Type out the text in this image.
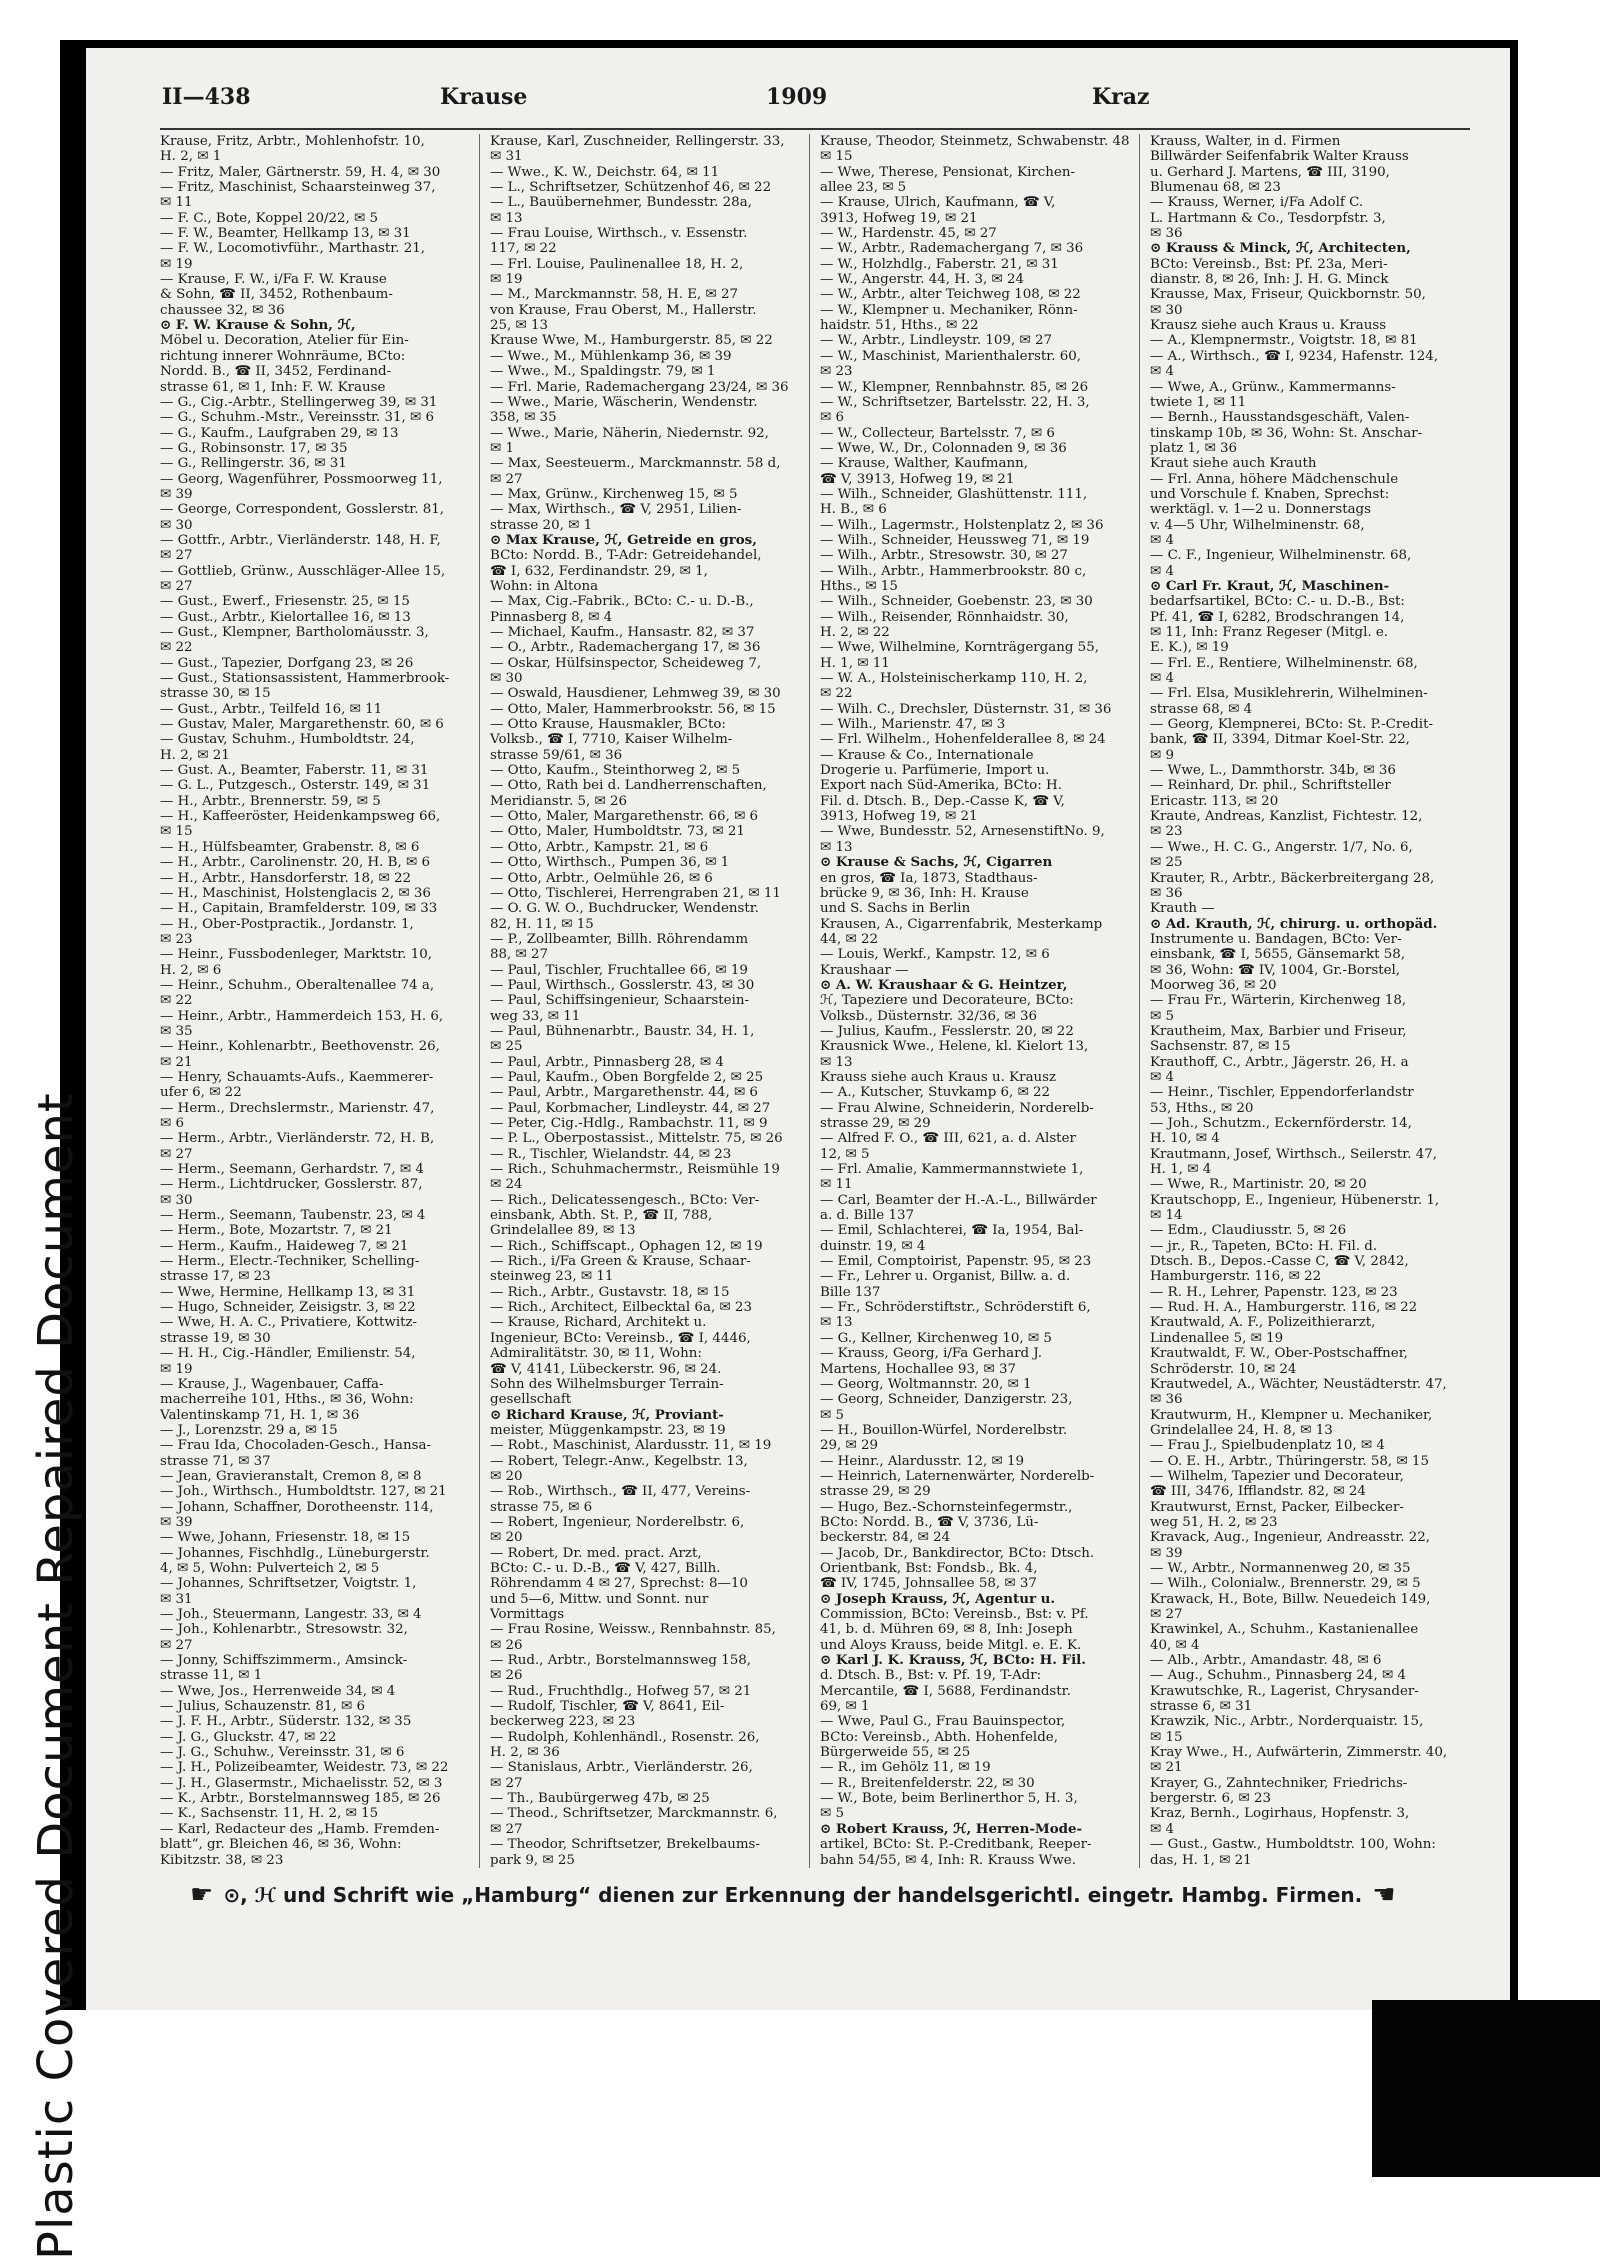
Plastic Covered Document Repaired Document
II—438	Krause	1909	Kraz
Krause, Fritz, Arbtr., Mohlenhofstr. 10,
H. 2, ✉ 1
— Fritz, Maler, Gärtnerstr. 59, H. 4, ✉ 30
— Fritz, Maschinist, Schaarsteinweg 37,
✉ 11
— F. C., Bote, Koppel 20/22, ✉ 5
— F. W., Beamter, Hellkamp 13, ✉ 31
— F. W., Locomotivführ., Marthastr. 21,
✉ 19
— Krause, F. W., i/Fa F. W. Krause
& Sohn, ☎ II, 3452, Rothenbaum-
chaussee 32, ✉ 36
⊙ F. W. Krause & Sohn, ℋ,
Möbel u. Decoration, Atelier für Ein-
richtung innerer Wohnräume, BCto:
Nordd. B., ☎ II, 3452, Ferdinand-
strasse 61, ✉ 1, Inh: F. W. Krause
— G., Cig.-Arbtr., Stellingerweg 39, ✉ 31
— G., Schuhm.-Mstr., Vereinsstr. 31, ✉ 6
— G., Kaufm., Laufgraben 29, ✉ 13
— G., Robinsonstr. 17, ✉ 35
— G., Rellingerstr. 36, ✉ 31
— Georg, Wagenführer, Possmoorweg 11,
✉ 39
— George, Correspondent, Gosslerstr. 81,
✉ 30
— Gottfr., Arbtr., Vierländerstr. 148, H. F,
✉ 27
— Gottlieb, Grünw., Ausschläger-Allee 15,
✉ 27
— Gust., Ewerf., Friesenstr. 25, ✉ 15
— Gust., Arbtr., Kielortallee 16, ✉ 13
— Gust., Klempner, Bartholomäusstr. 3,
✉ 22
— Gust., Tapezier, Dorfgang 23, ✉ 26
— Gust., Stationsassistent, Hammerbrook-
strasse 30, ✉ 15
— Gust., Arbtr., Teilfeld 16, ✉ 11
— Gustav, Maler, Margarethenstr. 60, ✉ 6
— Gustav, Schuhm., Humboldtstr. 24,
H. 2, ✉ 21
— Gust. A., Beamter, Faberstr. 11, ✉ 31
— G. L., Putzgesch., Osterstr. 149, ✉ 31
— H., Arbtr., Brennerstr. 59, ✉ 5
— H., Kaffeeröster, Heidenkampsweg 66,
✉ 15
— H., Hülfsbeamter, Grabenstr. 8, ✉ 6
— H., Arbtr., Carolinenstr. 20, H. B, ✉ 6
— H., Arbtr., Hansdorferstr. 18, ✉ 22
— H., Maschinist, Holstenglacis 2, ✉ 36
— H., Capitain, Bramfelderstr. 109, ✉ 33
— H., Ober-Postpractik., Jordanstr. 1,
✉ 23
— Heinr., Fussbodenleger, Marktstr. 10,
H. 2, ✉ 6
— Heinr., Schuhm., Oberaltenallee 74 a,
✉ 22
— Heinr., Arbtr., Hammerdeich 153, H. 6,
✉ 35
— Heinr., Kohlenarbtr., Beethovenstr. 26,
✉ 21
— Henry, Schauamts-Aufs., Kaemmerer-
ufer 6, ✉ 22
— Herm., Drechslermstr., Marienstr. 47,
✉ 6
— Herm., Arbtr., Vierländerstr. 72, H. B,
✉ 27
— Herm., Seemann, Gerhardstr. 7, ✉ 4
— Herm., Lichtdrucker, Gosslerstr. 87,
✉ 30
— Herm., Seemann, Taubenstr. 23, ✉ 4
— Herm., Bote, Mozartstr. 7, ✉ 21
— Herm., Kaufm., Haideweg 7, ✉ 21
— Herm., Electr.-Techniker, Schelling-
strasse 17, ✉ 23
— Wwe, Hermine, Hellkamp 13, ✉ 31
— Hugo, Schneider, Zeisigstr. 3, ✉ 22
— Wwe, H. A. C., Privatiere, Kottwitz-
strasse 19, ✉ 30
— H. H., Cig.-Händler, Emilienstr. 54,
✉ 19
— Krause, J., Wagenbauer, Caffa-
macherreihe 101, Hths., ✉ 36, Wohn:
Valentinskamp 71, H. 1, ✉ 36
— J., Lorenzstr. 29 a, ✉ 15
— Frau Ida, Chocoladen-Gesch., Hansa-
strasse 71, ✉ 37
— Jean, Gravieranstalt, Cremon 8, ✉ 8
— Joh., Wirthsch., Humboldtstr. 127, ✉ 21
— Johann, Schaffner, Dorotheenstr. 114,
✉ 39
— Wwe, Johann, Friesenstr. 18, ✉ 15
— Johannes, Fischhdlg., Lüneburgerstr.
4, ✉ 5, Wohn: Pulverteich 2, ✉ 5
— Johannes, Schriftsetzer, Voigtstr. 1,
✉ 31
— Joh., Steuermann, Langestr. 33, ✉ 4
— Joh., Kohlenarbtr., Stresowstr. 32,
✉ 27
— Jonny, Schiffszimmerm., Amsinck-
strasse 11, ✉ 1
— Wwe, Jos., Herrenweide 34, ✉ 4
— Julius, Schauzenstr. 81, ✉ 6
— J. F. H., Arbtr., Süderstr. 132, ✉ 35
— J. G., Gluckstr. 47, ✉ 22
— J. G., Schuhw., Vereinsstr. 31, ✉ 6
— J. H., Polizeibeamter, Weidestr. 73, ✉ 22
— J. H., Glasermstr., Michaelisstr. 52, ✉ 3
— K., Arbtr., Borstelmannsweg 185, ✉ 26
— K., Sachsenstr. 11, H. 2, ✉ 15
— Karl, Redacteur des „Hamb. Fremden-
blatt“, gr. Bleichen 46, ✉ 36, Wohn:
Kibitzstr. 38, ✉ 23
Krause, Karl, Zuschneider, Rellingerstr. 33,
✉ 31
— Wwe., K. W., Deichstr. 64, ✉ 11
— L., Schriftsetzer, Schützenhof 46, ✉ 22
— L., Bauübernehmer, Bundesstr. 28a,
✉ 13
— Frau Louise, Wirthsch., v. Essenstr.
117, ✉ 22
— Frl. Louise, Paulinenallee 18, H. 2,
✉ 19
— M., Marckmannstr. 58, H. E, ✉ 27
von Krause, Frau Oberst, M., Hallerstr.
25, ✉ 13
Krause Wwe, M., Hamburgerstr. 85, ✉ 22
— Wwe., M., Mühlenkamp 36, ✉ 39
— Wwe., M., Spaldingstr. 79, ✉ 1
— Frl. Marie, Rademachergang 23/24, ✉ 36
— Wwe., Marie, Wäscherin, Wendenstr.
358, ✉ 35
— Wwe., Marie, Näherin, Niedernstr. 92,
✉ 1
— Max, Seesteuerm., Marckmannstr. 58 d,
✉ 27
— Max, Grünw., Kirchenweg 15, ✉ 5
— Max, Wirthsch., ☎ V, 2951, Lilien-
strasse 20, ✉ 1
⊙ Max Krause, ℋ, Getreide en gros,
BCto: Nordd. B., T-Adr: Getreidehandel,
☎ I, 632, Ferdinandstr. 29, ✉ 1,
Wohn: in Altona
— Max, Cig.-Fabrik., BCto: C.- u. D.-B.,
Pinnasberg 8, ✉ 4
— Michael, Kaufm., Hansastr. 82, ✉ 37
— O., Arbtr., Rademachergang 17, ✉ 36
— Oskar, Hülfsinspector, Scheideweg 7,
✉ 30
— Oswald, Hausdiener, Lehmweg 39, ✉ 30
— Otto, Maler, Hammerbrookstr. 56, ✉ 15
— Otto Krause, Hausmakler, BCto:
Volksb., ☎ I, 7710, Kaiser Wilhelm-
strasse 59/61, ✉ 36
— Otto, Kaufm., Steinthorweg 2, ✉ 5
— Otto, Rath bei d. Landherrenschaften,
Meridianstr. 5, ✉ 26
— Otto, Maler, Margarethenstr. 66, ✉ 6
— Otto, Maler, Humboldtstr. 73, ✉ 21
— Otto, Arbtr., Kampstr. 21, ✉ 6
— Otto, Wirthsch., Pumpen 36, ✉ 1
— Otto, Arbtr., Oelmühle 26, ✉ 6
— Otto, Tischlerei, Herrengraben 21, ✉ 11
— O. G. W. O., Buchdrucker, Wendenstr.
82, H. 11, ✉ 15
— P., Zollbeamter, Billh. Röhrendamm
88, ✉ 27
— Paul, Tischler, Fruchtallee 66, ✉ 19
— Paul, Wirthsch., Gosslerstr. 43, ✉ 30
— Paul, Schiffsingenieur, Schaarstein-
weg 33, ✉ 11
— Paul, Bühnenarbtr., Baustr. 34, H. 1,
✉ 25
— Paul, Arbtr., Pinnasberg 28, ✉ 4
— Paul, Kaufm., Oben Borgfelde 2, ✉ 25
— Paul, Arbtr., Margarethenstr. 44, ✉ 6
— Paul, Korbmacher, Lindleystr. 44, ✉ 27
— Peter, Cig.-Hdlg., Rambachstr. 11, ✉ 9
— P. L., Oberpostassist., Mittelstr. 75, ✉ 26
— R., Tischler, Wielandstr. 44, ✉ 23
— Rich., Schuhmachermstr., Reismühle 19
✉ 24
— Rich., Delicatessengesch., BCto: Ver-
einsbank, Abth. St. P., ☎ II, 788,
Grindelallee 89, ✉ 13
— Rich., Schiffscapt., Ophagen 12, ✉ 19
— Rich., i/Fa Green & Krause, Schaar-
steinweg 23, ✉ 11
— Rich., Arbtr., Gustavstr. 18, ✉ 15
— Rich., Architect, Eilbecktal 6a, ✉ 23
— Krause, Richard, Architekt u.
Ingenieur, BCto: Vereinsb., ☎ I, 4446,
Admiralitätstr. 30, ✉ 11, Wohn:
☎ V, 4141, Lübeckerstr. 96, ✉ 24.
Sohn des Wilhelmsburger Terrain-
gesellschaft
⊙ Richard Krause, ℋ, Proviant-
meister, Müggenkampstr. 23, ✉ 19
— Robt., Maschinist, Alardusstr. 11, ✉ 19
— Robert, Telegr.-Anw., Kegelbstr. 13,
✉ 20
— Rob., Wirthsch., ☎ II, 477, Vereins-
strasse 75, ✉ 6
— Robert, Ingenieur, Norderelbstr. 6,
✉ 20
— Robert, Dr. med. pract. Arzt,
BCto: C.- u. D.-B., ☎ V, 427, Billh.
Röhrendamm 4 ✉ 27, Sprechst: 8—10
und 5—6, Mittw. und Sonnt. nur
Vormittags
— Frau Rosine, Weissw., Rennbahnstr. 85,
✉ 26
— Rud., Arbtr., Borstelmannsweg 158,
✉ 26
— Rud., Fruchthdlg., Hofweg 57, ✉ 21
— Rudolf, Tischler, ☎ V, 8641, Eil-
beckerweg 223, ✉ 23
— Rudolph, Kohlenhändl., Rosenstr. 26,
H. 2, ✉ 36
— Stanislaus, Arbtr., Vierländerstr. 26,
✉ 27
— Th., Baubürgerweg 47b, ✉ 25
— Theod., Schriftsetzer, Marckmannstr. 6,
✉ 27
— Theodor, Schriftsetzer, Brekelbaums-
park 9, ✉ 25
Krause, Theodor, Steinmetz, Schwabenstr. 48
✉ 15
— Wwe, Therese, Pensionat, Kirchen-
allee 23, ✉ 5
— Krause, Ulrich, Kaufmann, ☎ V,
3913, Hofweg 19, ✉ 21
— W., Hardenstr. 45, ✉ 27
— W., Arbtr., Rademachergang 7, ✉ 36
— W., Holzhdlg., Faberstr. 21, ✉ 31
— W., Angerstr. 44, H. 3, ✉ 24
— W., Arbtr., alter Teichweg 108, ✉ 22
— W., Klempner u. Mechaniker, Rönn-
haidstr. 51, Hths., ✉ 22
— W., Arbtr., Lindleystr. 109, ✉ 27
— W., Maschinist, Marienthalerstr. 60,
✉ 23
— W., Klempner, Rennbahnstr. 85, ✉ 26
— W., Schriftsetzer, Bartelsstr. 22, H. 3,
✉ 6
— W., Collecteur, Bartelsstr. 7, ✉ 6
— Wwe, W., Dr., Colonnaden 9, ✉ 36
— Krause, Walther, Kaufmann,
☎ V, 3913, Hofweg 19, ✉ 21
— Wilh., Schneider, Glashüttenstr. 111,
H. B., ✉ 6
— Wilh., Lagermstr., Holstenplatz 2, ✉ 36
— Wilh., Schneider, Heussweg 71, ✉ 19
— Wilh., Arbtr., Stresowstr. 30, ✉ 27
— Wilh., Arbtr., Hammerbrookstr. 80 c,
Hths., ✉ 15
— Wilh., Schneider, Goebenstr. 23, ✉ 30
— Wilh., Reisender, Rönnhaidstr. 30,
H. 2, ✉ 22
— Wwe, Wilhelmine, Kornträgergang 55,
H. 1, ✉ 11
— W. A., Holsteinischerkamp 110, H. 2,
✉ 22
— Wilh. C., Drechsler, Düsternstr. 31, ✉ 36
— Wilh., Marienstr. 47, ✉ 3
— Frl. Wilhelm., Hohenfelderallee 8, ✉ 24
— Krause & Co., Internationale
Drogerie u. Parfümerie, Import u.
Export nach Süd-Amerika, BCto: H.
Fil. d. Dtsch. B., Dep.-Casse K, ☎ V,
3913, Hofweg 19, ✉ 21
— Wwe, Bundesstr. 52, ArnesenstiftNo. 9,
✉ 13
⊙ Krause & Sachs, ℋ, Cigarren
en gros, ☎ Ia, 1873, Stadthaus-
brücke 9, ✉ 36, Inh: H. Krause
und S. Sachs in Berlin
Krausen, A., Cigarrenfabrik, Mesterkamp
44, ✉ 22
— Louis, Werkf., Kampstr. 12, ✉ 6
Kraushaar —
⊙ A. W. Kraushaar & G. Heintzer,
ℋ, Tapeziere und Decorateure, BCto:
Volksb., Düsternstr. 32/36, ✉ 36
— Julius, Kaufm., Fesslerstr. 20, ✉ 22
Krausnick Wwe., Helene, kl. Kielort 13,
✉ 13
Krauss siehe auch Kraus u. Krausz
— A., Kutscher, Stuvkamp 6, ✉ 22
— Frau Alwine, Schneiderin, Norderelb-
strasse 29, ✉ 29
— Alfred F. O., ☎ III, 621, a. d. Alster
12, ✉ 5
— Frl. Amalie, Kammermannstwiete 1,
✉ 11
— Carl, Beamter der H.-A.-L., Billwärder
a. d. Bille 137
— Emil, Schlachterei, ☎ Ia, 1954, Bal-
duinstr. 19, ✉ 4
— Emil, Comptoirist, Papenstr. 95, ✉ 23
— Fr., Lehrer u. Organist, Billw. a. d.
Bille 137
— Fr., Schröderstiftstr., Schröderstift 6,
✉ 13
— G., Kellner, Kirchenweg 10, ✉ 5
— Krauss, Georg, i/Fa Gerhard J.
Martens, Hochallee 93, ✉ 37
— Georg, Woltmannstr. 20, ✉ 1
— Georg, Schneider, Danzigerstr. 23,
✉ 5
— H., Bouillon-Würfel, Norderelbstr.
29, ✉ 29
— Heinr., Alardusstr. 12, ✉ 19
— Heinrich, Laternenwärter, Norderelb-
strasse 29, ✉ 29
— Hugo, Bez.-Schornsteinfegermstr.,
BCto: Nordd. B., ☎ V, 3736, Lü-
beckerstr. 84, ✉ 24
— Jacob, Dr., Bankdirector, BCto: Dtsch.
Orientbank, Bst: Fondsb., Bk. 4,
☎ IV, 1745, Johnsallee 58, ✉ 37
⊙ Joseph Krauss, ℋ, Agentur u.
Commission, BCto: Vereinsb., Bst: v. Pf.
41, b. d. Mühren 69, ✉ 8, Inh: Joseph
und Aloys Krauss, beide Mitgl. e. E. K.
⊙ Karl J. K. Krauss, ℋ, BCto: H. Fil.
d. Dtsch. B., Bst: v. Pf. 19, T-Adr:
Mercantile, ☎ I, 5688, Ferdinandstr.
69, ✉ 1
— Wwe, Paul G., Frau Bauinspector,
BCto: Vereinsb., Abth. Hohenfelde,
Bürgerweide 55, ✉ 25
— R., im Gehölz 11, ✉ 19
— R., Breitenfelderstr. 22, ✉ 30
— W., Bote, beim Berlinerthor 5, H. 3,
✉ 5
⊙ Robert Krauss, ℋ, Herren-Mode-
artikel, BCto: St. P.-Creditbank, Reeper-
bahn 54/55, ✉ 4, Inh: R. Krauss Wwe.
Krauss, Walter, in d. Firmen
Billwärder Seifenfabrik Walter Krauss
u. Gerhard J. Martens, ☎ III, 3190,
Blumenau 68, ✉ 23
— Krauss, Werner, i/Fa Adolf C.
L. Hartmann & Co., Tesdorpfstr. 3,
✉ 36
⊙ Krauss & Minck, ℋ, Architecten,
BCto: Vereinsb., Bst: Pf. 23a, Meri-
dianstr. 8, ✉ 26, Inh: J. H. G. Minck
Krausse, Max, Friseur, Quickbornstr. 50,
✉ 30
Krausz siehe auch Kraus u. Krauss
— A., Klempnermstr., Voigtstr. 18, ✉ 81
— A., Wirthsch., ☎ I, 9234, Hafenstr. 124,
✉ 4
— Wwe, A., Grünw., Kammermanns-
twiete 1, ✉ 11
— Bernh., Hausstandsgeschäft, Valen-
tinskamp 10b, ✉ 36, Wohn: St. Anschar-
platz 1, ✉ 36
Kraut siehe auch Krauth
— Frl. Anna, höhere Mädchenschule
und Vorschule f. Knaben, Sprechst:
werktägl. v. 1—2 u. Donnerstags
v. 4—5 Uhr, Wilhelminenstr. 68,
✉ 4
— C. F., Ingenieur, Wilhelminenstr. 68,
✉ 4
⊙ Carl Fr. Kraut, ℋ, Maschinen-
bedarfsartikel, BCto: C.- u. D.-B., Bst:
Pf. 41, ☎ I, 6282, Brodschrangen 14,
✉ 11, Inh: Franz Regeser (Mitgl. e.
E. K.), ✉ 19
— Frl. E., Rentiere, Wilhelminenstr. 68,
✉ 4
— Frl. Elsa, Musiklehrerin, Wilhelminen-
strasse 68, ✉ 4
— Georg, Klempnerei, BCto: St. P.-Credit-
bank, ☎ II, 3394, Ditmar Koel-Str. 22,
✉ 9
— Wwe, L., Dammthorstr. 34b, ✉ 36
— Reinhard, Dr. phil., Schriftsteller
Ericastr. 113, ✉ 20
Kraute, Andreas, Kanzlist, Fichtestr. 12,
✉ 23
— Wwe., H. C. G., Angerstr. 1/7, No. 6,
✉ 25
Krauter, R., Arbtr., Bäckerbreitergang 28,
✉ 36
Krauth —
⊙ Ad. Krauth, ℋ, chirurg. u. orthopäd.
Instrumente u. Bandagen, BCto: Ver-
einsbank, ☎ I, 5655, Gänsemarkt 58,
✉ 36, Wohn: ☎ IV, 1004, Gr.-Borstel,
Moorweg 36, ✉ 20
— Frau Fr., Wärterin, Kirchenweg 18,
✉ 5
Krautheim, Max, Barbier und Friseur,
Sachsenstr. 87, ✉ 15
Krauthoff, C., Arbtr., Jägerstr. 26, H. a
✉ 4
— Heinr., Tischler, Eppendorferlandstr
53, Hths., ✉ 20
— Joh., Schutzm., Eckernförderstr. 14,
H. 10, ✉ 4
Krautmann, Josef, Wirthsch., Seilerstr. 47,
H. 1, ✉ 4
— Wwe, R., Martinistr. 20, ✉ 20
Krautschopp, E., Ingenieur, Hübenerstr. 1,
✉ 14
— Edm., Claudiusstr. 5, ✉ 26
— jr., R., Tapeten, BCto: H. Fil. d.
Dtsch. B., Depos.-Casse C, ☎ V, 2842,
Hamburgerstr. 116, ✉ 22
— R. H., Lehrer, Papenstr. 123, ✉ 23
— Rud. H. A., Hamburgerstr. 116, ✉ 22
Krautwald, A. F., Polizeithierarzt,
Lindenallee 5, ✉ 19
Krautwaldt, F. W., Ober-Postschaffner,
Schröderstr. 10, ✉ 24
Krautwedel, A., Wächter, Neustädterstr. 47,
✉ 36
Krautwurm, H., Klempner u. Mechaniker,
Grindelallee 24, H. 8, ✉ 13
— Frau J., Spielbudenplatz 10, ✉ 4
— O. E. H., Arbtr., Thüringerstr. 58, ✉ 15
— Wilhelm, Tapezier und Decorateur,
☎ III, 3476, Ifflandstr. 82, ✉ 24
Krautwurst, Ernst, Packer, Eilbecker-
weg 51, H. 2, ✉ 23
Kravack, Aug., Ingenieur, Andreasstr. 22,
✉ 39
— W., Arbtr., Normannenweg 20, ✉ 35
— Wilh., Colonialw., Brennerstr. 29, ✉ 5
Krawack, H., Bote, Billw. Neuedeich 149,
✉ 27
Krawinkel, A., Schuhm., Kastanienallee
40, ✉ 4
— Alb., Arbtr., Amandastr. 48, ✉ 6
— Aug., Schuhm., Pinnasberg 24, ✉ 4
Krawutschke, R., Lagerist, Chrysander-
strasse 6, ✉ 31
Krawzik, Nic., Arbtr., Norderquaistr. 15,
✉ 15
Kray Wwe., H., Aufwärterin, Zimmerstr. 40,
✉ 21
Krayer, G., Zahntechniker, Friedrichs-
bergerstr. 6, ✉ 23
Kraz, Bernh., Logirhaus, Hopfenstr. 3,
✉ 4
— Gust., Gastw., Humboldtstr. 100, Wohn:
das, H. 1, ✉ 21
☛ ⊙, ℋ und Schrift wie „Hamburg“ dienen zur Erkennung der handelsgerichtl. eingetr. Hambg. Firmen. ☚
